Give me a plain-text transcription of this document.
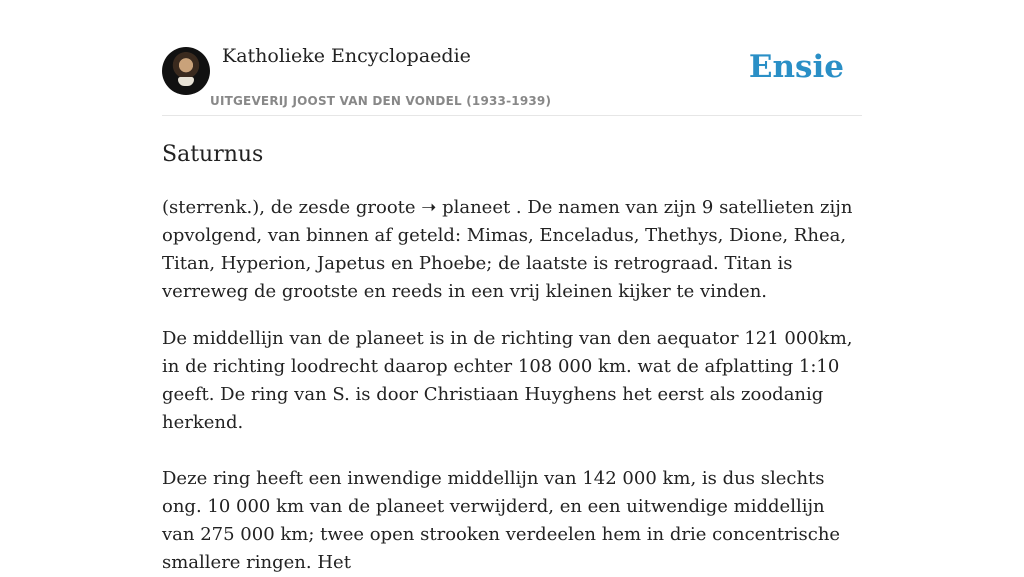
Katholieke Encyclopaedie
UITGEVERIJ JOOST VAN DEN VONDEL (1933-1939)
Ensie
Saturnus

(sterrenk.), de zesde groote ➝ planeet . De namen van zijn 9 satellieten zijn opvolgend, van binnen af geteld: Mimas, Enceladus, Thethys, Dione, Rhea, Titan, Hyperion, Japetus en Phoebe; de laatste is retrograad. Titan is verreweg de grootste en reeds in een vrij kleinen kijker te vinden.

De middellijn van de planeet is in de richting van den aequator 121 000km, in de richting loodrecht daarop echter 108 000 km. wat de afplatting 1:10 geeft. De ring van S. is door Christiaan Huyghens het eerst als zoodanig herkend.

Deze ring heeft een inwendige middellijn van 142 000 km, is dus slechts ong. 10 000 km van de planeet verwijderd, en een uitwendige middellijn van 275 000 km; twee open strooken verdeelen hem in drie concentrische smallere ringen. Het
